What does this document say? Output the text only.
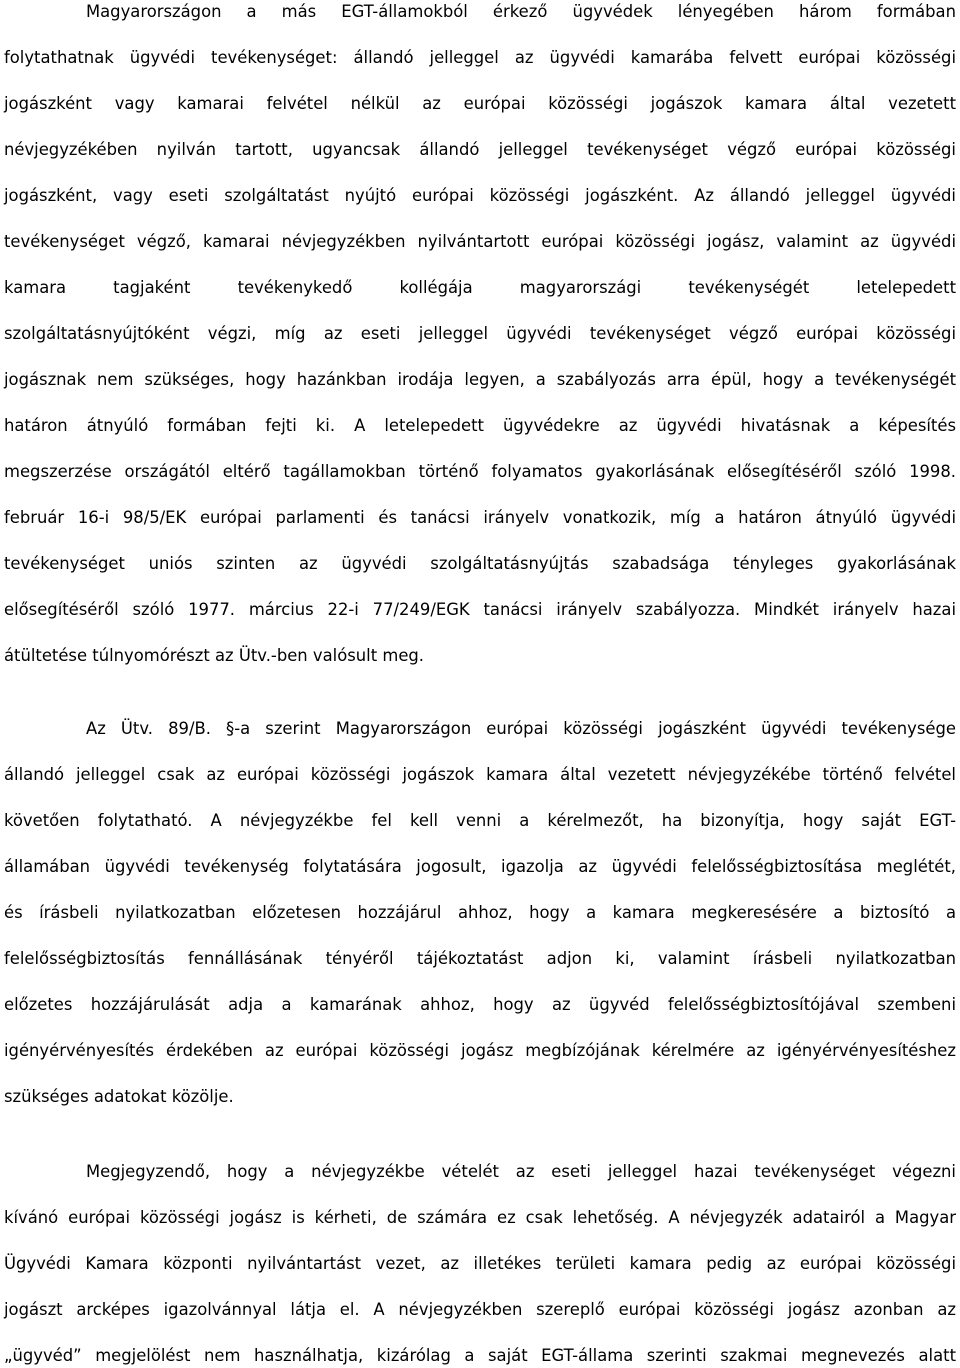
Magyarországon a más EGT-államokból érkező ügyvédek lényegében három formában
folytathatnak ügyvédi tevékenységet: állandó jelleggel az ügyvédi kamarába felvett európai közösségi
jogászként vagy kamarai felvétel nélkül az európai közösségi jogászok kamara által vezetett
névjegyzékében nyilván tartott, ugyancsak állandó jelleggel tevékenységet végző európai közösségi
jogászként, vagy eseti szolgáltatást nyújtó európai közösségi jogászként. Az állandó jelleggel ügyvédi
tevékenységet végző, kamarai névjegyzékben nyilvántartott európai közösségi jogász, valamint az ügyvédi
kamara tagjaként tevékenykedő kollégája magyarországi tevékenységét letelepedett
szolgáltatásnyújtóként végzi, míg az eseti jelleggel ügyvédi tevékenységet végző európai közösségi
jogásznak nem szükséges, hogy hazánkban irodája legyen, a szabályozás arra épül, hogy a tevékenységét
határon átnyúló formában fejti ki. A letelepedett ügyvédekre az ügyvédi hivatásnak a képesítés
megszerzése országától eltérő tagállamokban történő folyamatos gyakorlásának elősegítéséről szóló 1998.
február 16-i 98/5/EK európai parlamenti és tanácsi irányelv vonatkozik, míg a határon átnyúló ügyvédi
tevékenységet uniós szinten az ügyvédi szolgáltatásnyújtás szabadsága tényleges gyakorlásának
elősegítéséről szóló 1977. március 22-i 77/249/EGK tanácsi irányelv szabályozza. Mindkét irányelv hazai
átültetése túlnyomórészt az Ütv.-ben valósult meg.
Az Ütv. 89/B. §-a szerint Magyarországon európai közösségi jogászként ügyvédi tevékenysége
állandó jelleggel csak az európai közösségi jogászok kamara által vezetett névjegyzékébe történő felvétel
követően folytatható. A névjegyzékbe fel kell venni a kérelmezőt, ha bizonyítja, hogy saját EGT-
államában ügyvédi tevékenység folytatására jogosult, igazolja az ügyvédi felelősségbiztosítása meglétét,
és írásbeli nyilatkozatban előzetesen hozzájárul ahhoz, hogy a kamara megkeresésére a biztosító a
felelősségbiztosítás fennállásának tényéről tájékoztatást adjon ki, valamint írásbeli nyilatkozatban
előzetes hozzájárulását adja a kamarának ahhoz, hogy az ügyvéd felelősségbiztosítójával szembeni
igényérvényesítés érdekében az európai közösségi jogász megbízójának kérelmére az igényérvényesítéshez
szükséges adatokat közölje.
Megjegyzendő, hogy a névjegyzékbe vételét az eseti jelleggel hazai tevékenységet végezni
kívánó európai közösségi jogász is kérheti, de számára ez csak lehetőség. A névjegyzék adatairól a Magyar
Ügyvédi Kamara központi nyilvántartást vezet, az illetékes területi kamara pedig az európai közösségi
jogászt arcképes igazolvánnyal látja el. A névjegyzékben szereplő európai közösségi jogász azonban az
„ügyvéd” megjelölést nem használhatja, kizárólag a saját EGT-államа szerinti szakmai megnevezés alatt
